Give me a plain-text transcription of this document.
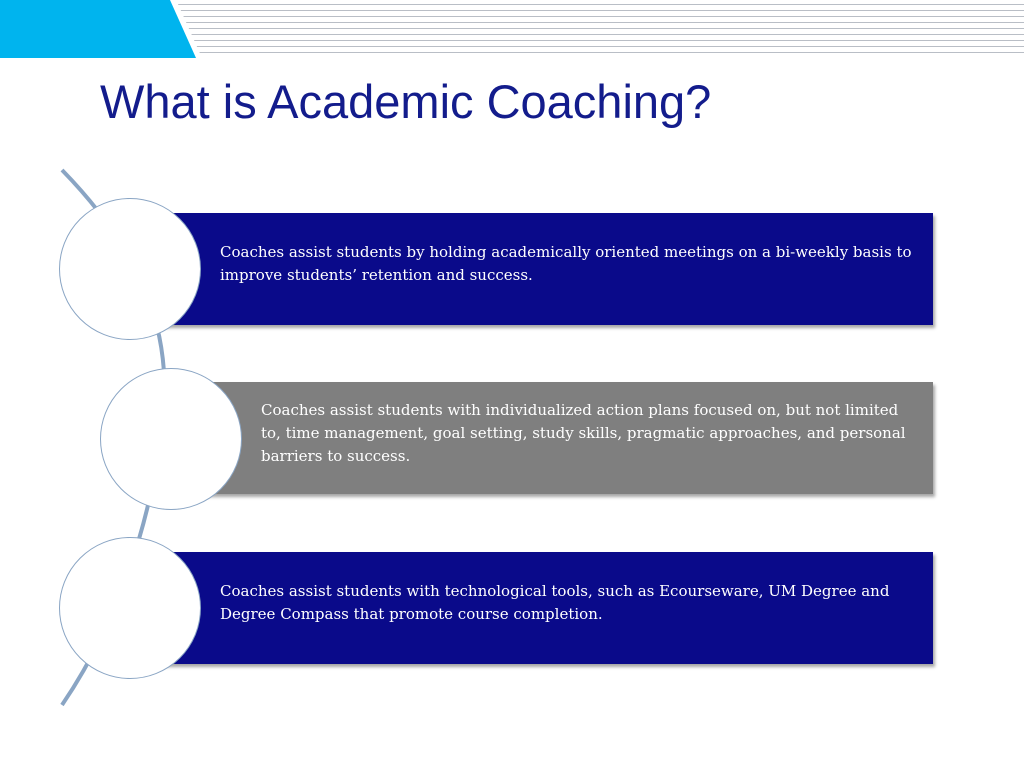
What is Academic Coaching?

Coaches assist students by holding academically oriented meetings on a bi-weekly basis to improve students’ retention and success.

Coaches assist students with individualized action plans focused on, but not limited to, time management, goal setting, study skills, pragmatic approaches, and personal barriers to success.

Coaches assist students with technological tools, such as Ecourseware, UM Degree and Degree Compass that promote course completion.
